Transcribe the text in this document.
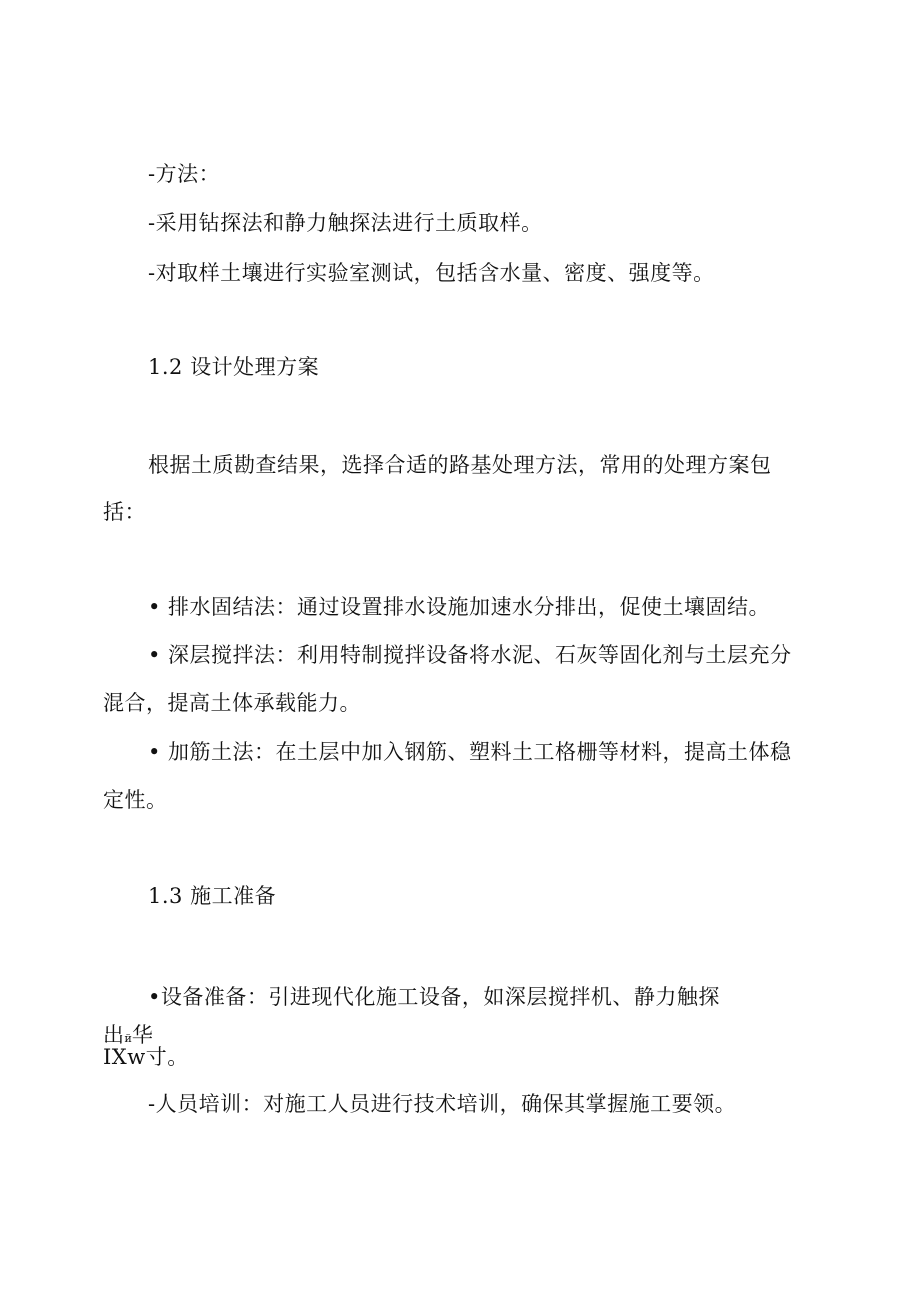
-方法：
-采用钻探法和静力触探法进行土质取样。
-对取样土壤进行实验室测试，包括含水量、密度、强度等。
1.2 设计处理方案
根据土质勘查结果，选择合适的路基处理方法，常用的处理方案包
括：
• 排水固结法：通过设置排水设施加速水分排出，促使土壤固结。
• 深层搅拌法：利用特制搅拌设备将水泥、石灰等固化剂与土层充分
混合，提高土体承载能力。
• 加筋土法：在土层中加入钢筋、塑料土工格栅等材料，提高土体稳
定性。
1.3 施工准备
•设备准备：引进现代化施工设备，如深层搅拌机、静力触探
出й华
IXw寸。
-人员培训：对施工人员进行技术培训，确保其掌握施工要领。
